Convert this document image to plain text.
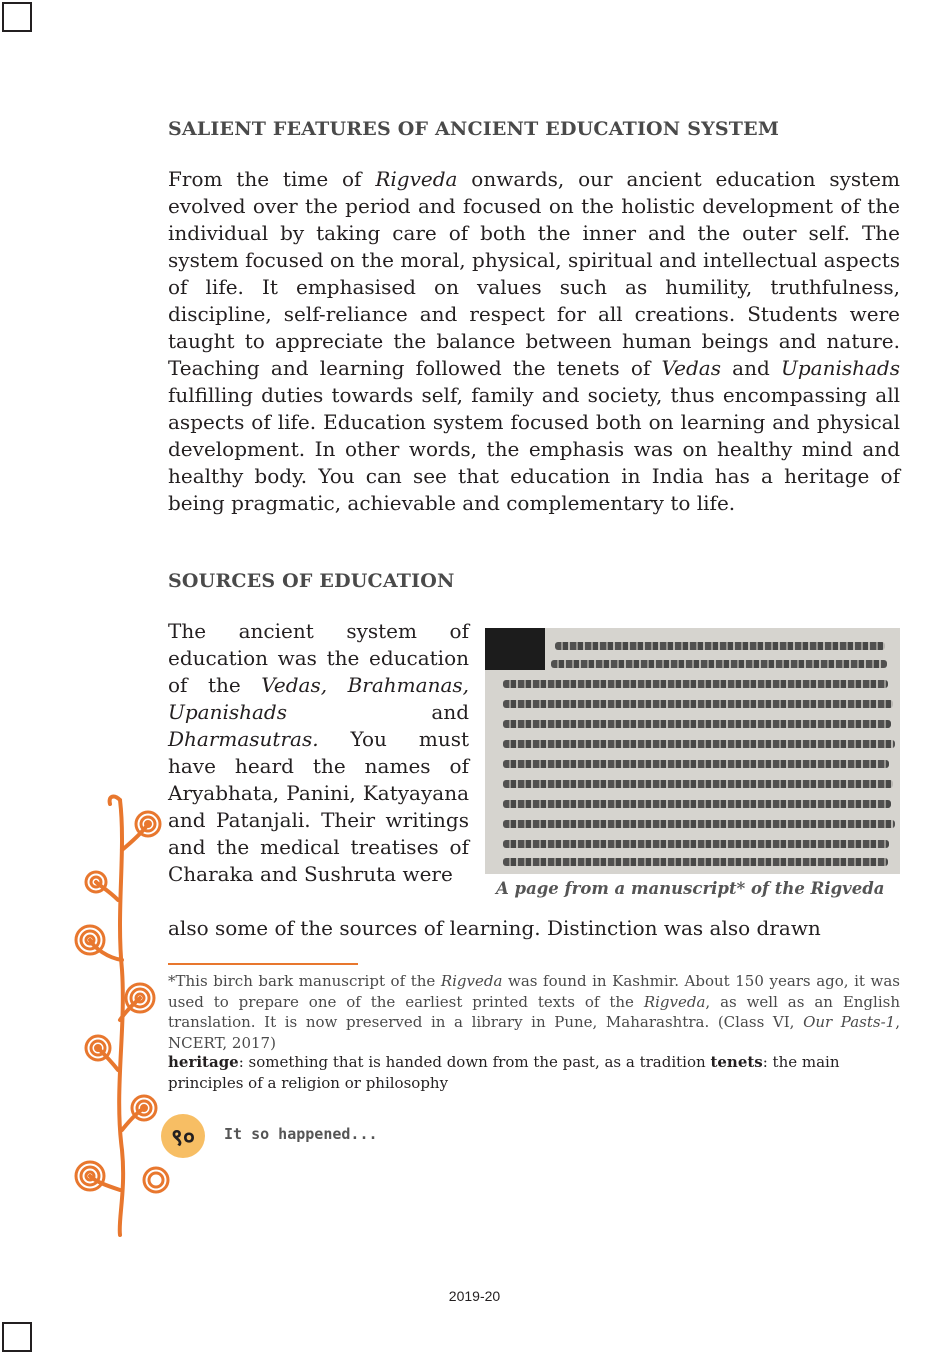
SALIENT FEATURES OF ANCIENT EDUCATION SYSTEM

From the time of Rigveda onwards, our ancient education system evolved over the period and focused on the holistic development of the individual by taking care of both the inner and the outer self. The system focused on the moral, physical, spiritual and intellectual aspects of life. It emphasised on values such as humility, truthfulness, discipline, self-reliance and respect for all creations. Students were taught to appreciate the balance between human beings and nature. Teaching and learning followed the tenets of Vedas and Upanishads fulfilling duties towards self, family and society, thus encompassing all aspects of life. Education system focused both on learning and physical development. In other words, the emphasis was on healthy mind and healthy body. You can see that education in India has a heritage of being pragmatic, achievable and complementary to life.

SOURCES OF EDUCATION

The ancient system of education was the education of the Vedas, Brahmanas, Upanishads and Dharmasutras. You must have heard the names of Aryabhata, Panini, Katyayana and Patanjali. Their writings and the medical treatises of Charaka and Sushruta were

A page from a manuscript* of the Rigveda

also some of the sources of learning. Distinction was also drawn

*This birch bark manuscript of the Rigveda was found in Kashmir. About 150 years ago, it was used to prepare one of the earliest printed texts of the Rigveda, as well as an English translation. It is now preserved in a library in Pune, Maharashtra. (Class VI, Our Pasts-1, NCERT, 2017)

heritage: something that is handed down from the past, as a tradition tenets: the main principles of a religion or philosophy

९० It so happened...

2019-20
